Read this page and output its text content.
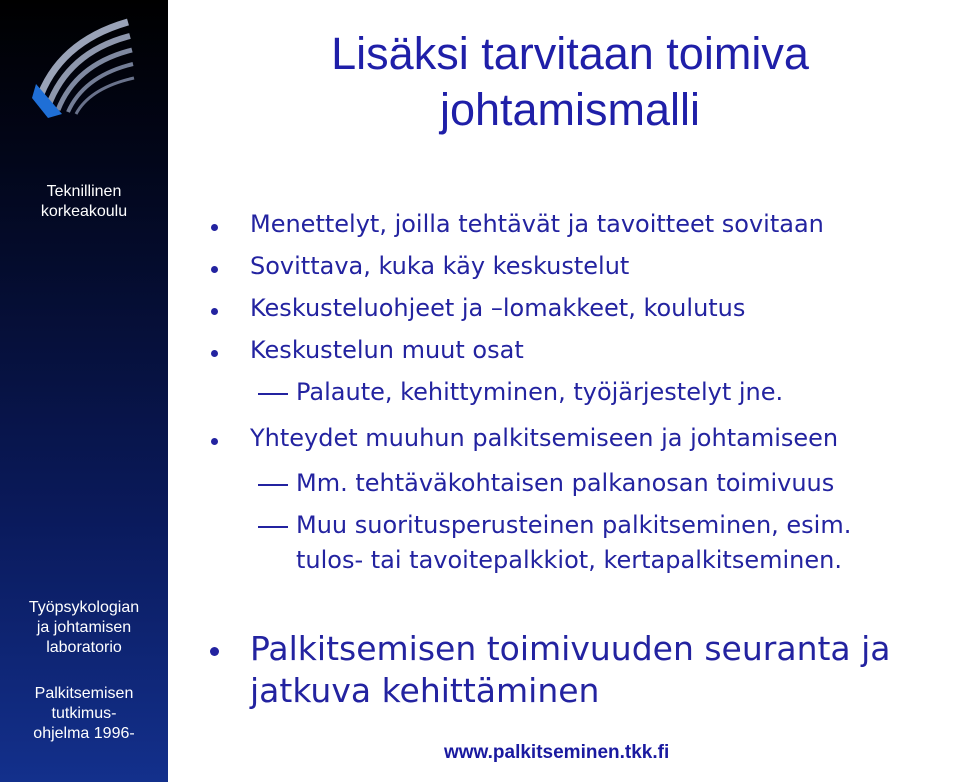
Teknillinen
korkeakoulu
Työpsykologian
ja johtamisen
laboratorio
Palkitsemisen
tutkimus-
ohjelma 1996-
Lisäksi tarvitaan toimiva
johtamismalli
Menettelyt, joilla tehtävät ja tavoitteet sovitaan
Sovittava, kuka käy keskustelut
Keskusteluohjeet ja –lomakkeet, koulutus
Keskustelun muut osat
Palaute, kehittyminen, työjärjestelyt jne.
Yhteydet muuhun palkitsemiseen ja johtamiseen
Mm. tehtäväkohtaisen palkanosan toimivuus
Muu suoritusperusteinen palkitseminen, esim.
tulos- tai tavoitepalkkiot, kertapalkitseminen.
Palkitsemisen toimivuuden seuranta ja
jatkuva kehittäminen
www.palkitseminen.tkk.fi
